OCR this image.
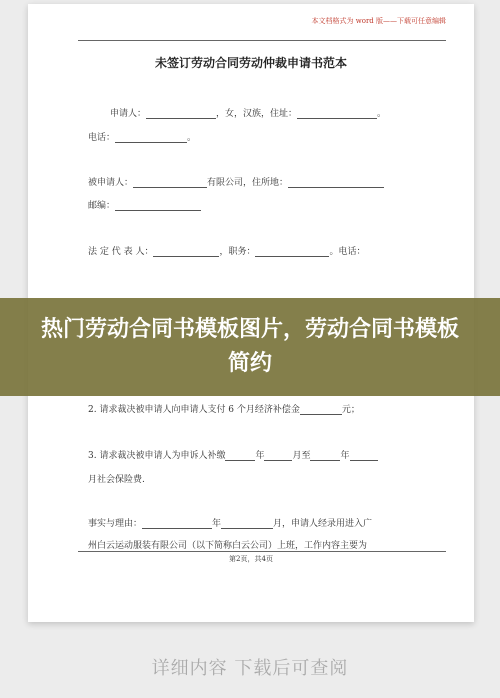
本文档格式为 word 版——下载可任意编辑
未签订劳动合同劳动仲裁申请书范本
申请人：	，女，汉族，住址：	。
电话：	。
被申请人：	有限公司，住所地：
邮编：
法 定 代 表 人：	，职务：	。电话：
2. 请求裁决被申请人向申请人支付 6 个月经济补偿金	元；
3. 请求裁决被申请人为申诉人补缴	年	月至	年
月社会保险费.
事实与理由：	年	月，申请人经录用进入广
州白云运动服装有限公司（以下简称白云公司）上班，工作内容主要为
第2页，共4页
热门劳动合同书模板图片，劳动合同书模板简约
详细内容 下载后可查阅
